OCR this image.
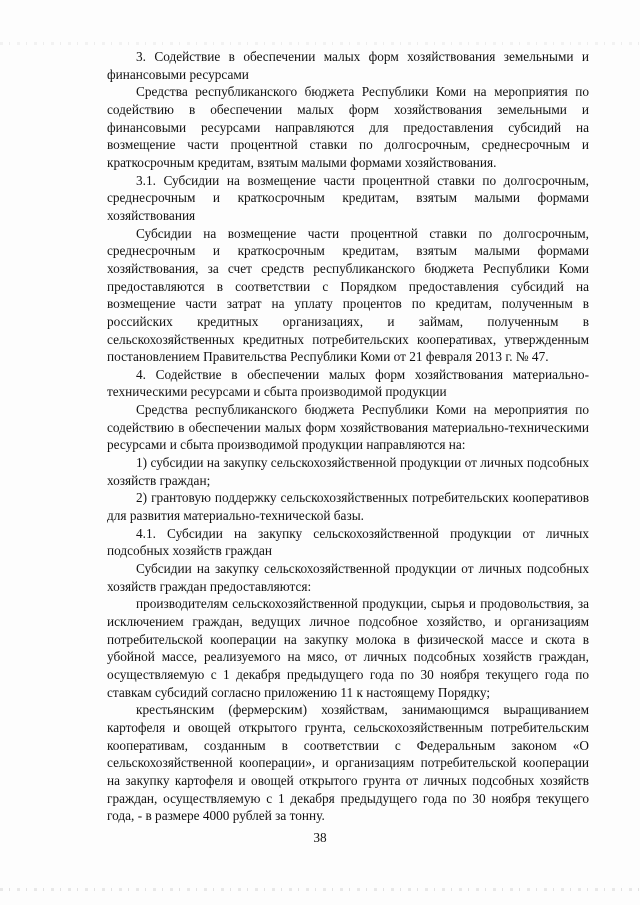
3. Содействие в обеспечении малых форм хозяйствования земельными и финансовыми ресурсами

Средства республиканского бюджета Республики Коми на мероприятия по содействию в обеспечении малых форм хозяйствования земельными и финансовыми ресурсами направляются для предоставления субсидий на возмещение части процентной ставки по долгосрочным, среднесрочным и краткосрочным кредитам, взятым малыми формами хозяйствования.

3.1. Субсидии на возмещение части процентной ставки по долгосрочным, среднесрочным и краткосрочным кредитам, взятым малыми формами хозяйствования

Субсидии на возмещение части процентной ставки по долгосрочным, среднесрочным и краткосрочным кредитам, взятым малыми формами хозяйствования, за счет средств республиканского бюджета Республики Коми предоставляются в соответствии с Порядком предоставления субсидий на возмещение части затрат на уплату процентов по кредитам, полученным в российских кредитных организациях, и займам, полученным в сельскохозяйственных кредитных потребительских кооперативах, утвержденным постановлением Правительства Республики Коми от 21 февраля 2013 г. № 47.

4. Содействие в обеспечении малых форм хозяйствования материально-техническими ресурсами и сбыта производимой продукции

Средства республиканского бюджета Республики Коми на мероприятия по содействию в обеспечении малых форм хозяйствования материально-техническими ресурсами и сбыта производимой продукции направляются на:

1) субсидии на закупку сельскохозяйственной продукции от личных подсобных хозяйств граждан;

2) грантовую поддержку сельскохозяйственных потребительских кооперативов для развития материально-технической базы.

4.1. Субсидии на закупку сельскохозяйственной продукции от личных подсобных хозяйств граждан

Субсидии на закупку сельскохозяйственной продукции от личных подсобных хозяйств граждан предоставляются:

производителям сельскохозяйственной продукции, сырья и продовольствия, за исключением граждан, ведущих личное подсобное хозяйство, и организациям потребительской кооперации на закупку молока в физической массе и скота в убойной массе, реализуемого на мясо, от личных подсобных хозяйств граждан, осуществляемую с 1 декабря предыдущего года по 30 ноября текущего года по ставкам субсидий согласно приложению 11 к настоящему Порядку;

крестьянским (фермерским) хозяйствам, занимающимся выращиванием картофеля и овощей открытого грунта, сельскохозяйственным потребительским кооперативам, созданным в соответствии с Федеральным законом «О сельскохозяйственной кооперации», и организациям потребительской кооперации на закупку картофеля и овощей открытого грунта от личных подсобных хозяйств граждан, осуществляемую с 1 декабря предыдущего года по 30 ноября текущего года, - в размере 4000 рублей за тонну.

38
